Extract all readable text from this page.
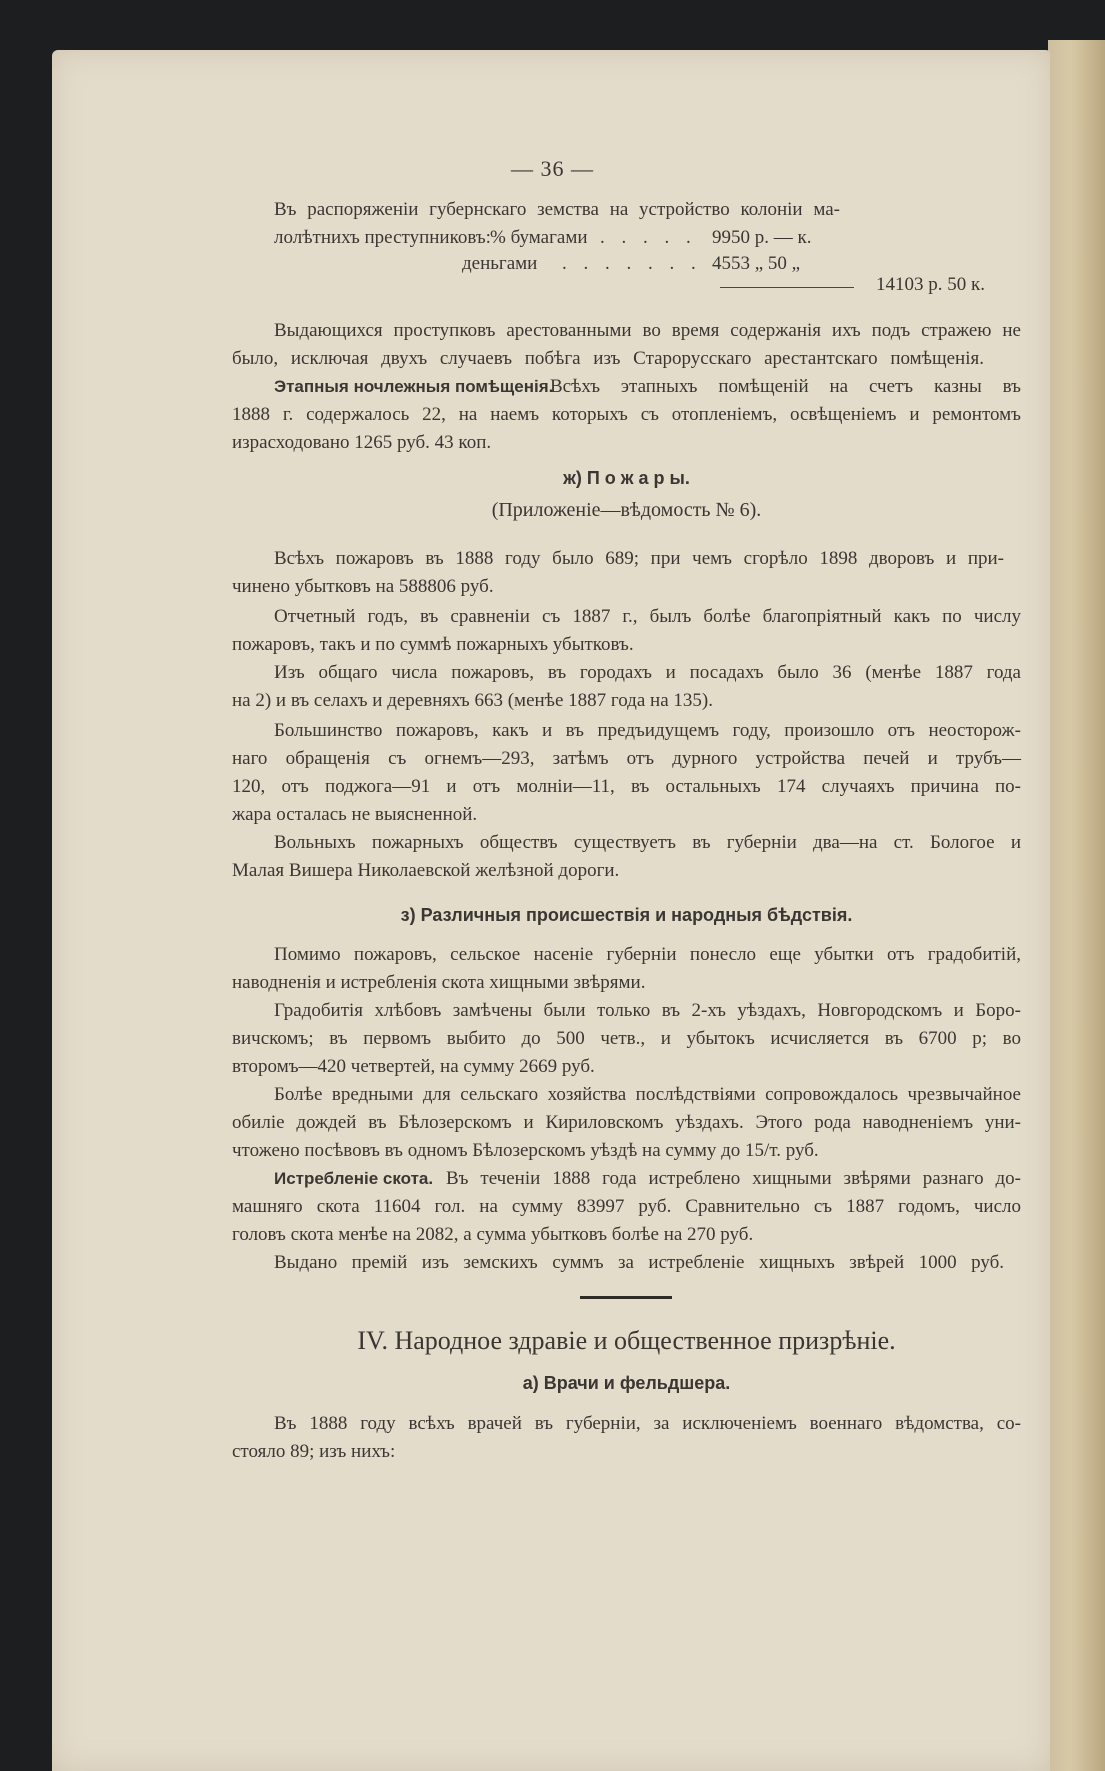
— 36 —
Въ распоряженіи губернскаго земства на устройство колоніи ма-
лолѣтнихъ преступниковъ: % бумагами . . . . . 9950 р. — к.
деньгами . . . . . . . 4553 „ 50 „
14103 р. 50 к.
Выдающихся проступковъ арестованными во время содержанія ихъ подъ стражею не
было, исключая двухъ случаевъ побѣга изъ Старорусскаго арестантскаго помѣщенія.
Этапныя ночлежныя помѣщенія.
Всѣхъ этапныхъ помѣщеній на счетъ казны въ
1888 г. содержалось 22, на наемъ которыхъ съ отопленіемъ, освѣщеніемъ и ремонтомъ
израсходовано 1265 руб. 43 коп.
ж) П о ж а р ы.
(Приложеніе—вѣдомость № 6).
Всѣхъ пожаровъ въ 1888 году было 689; при чемъ сгорѣло 1898 дворовъ и при-
чинено убытковъ на 588806 руб.
Отчетный годъ, въ сравненіи съ 1887 г., былъ болѣе благопріятный какъ по числу
пожаровъ, такъ и по суммѣ пожарныхъ убытковъ.
Изъ общаго числа пожаровъ, въ городахъ и посадахъ было 36 (менѣе 1887 года
на 2) и въ селахъ и деревняхъ 663 (менѣе 1887 года на 135).
Большинство пожаровъ, какъ и въ предъидущемъ году, произошло отъ неосторож-
наго обращенія съ огнемъ—293, затѣмъ отъ дурного устройства печей и трубъ—
120, отъ поджога—91 и отъ молніи—11, въ остальныхъ 174 случаяхъ причина по-
жара осталась не выясненной.
Вольныхъ пожарныхъ обществъ существуетъ въ губерніи два—на ст. Бологое и
Малая Вишера Николаевской желѣзной дороги.
з) Различныя происшествія и народныя бѣдствія.
Помимо пожаровъ, сельское насеніе губерніи понесло еще убытки отъ градобитій,
наводненія и истребленія скота хищными звѣрями.
Градобитія хлѣбовъ замѣчены были только въ 2-хъ уѣздахъ, Новгородскомъ и Боро-
вичскомъ; въ первомъ выбито до 500 четв., и убытокъ исчисляется въ 6700 р; во
второмъ—420 четвертей, на сумму 2669 руб.
Болѣе вредными для сельскаго хозяйства послѣдствіями сопровождалось чрезвычайное
обиліе дождей въ Бѣлозерскомъ и Кириловскомъ уѣздахъ. Этого рода наводненіемъ уни-
чтожено посѣвовъ въ одномъ Бѣлозерскомъ уѣздѣ на сумму до 15/т. руб.
Истребленіе скота. Въ теченіи 1888 года истреблено хищными звѣрями разнаго до-
машняго скота 11604 гол. на сумму 83997 руб. Сравнительно съ 1887 годомъ, число
головъ скота менѣе на 2082, а сумма убытковъ болѣе на 270 руб.
Выдано премій изъ земскихъ суммъ за истребленіе хищныхъ звѣрей 1000 руб.
IV. Народное здравіе и общественное призрѣніе.
а) Врачи и фельдшера.
Въ 1888 году всѣхъ врачей въ губерніи, за исключеніемъ военнаго вѣдомства, со-
стояло 89; изъ нихъ:
